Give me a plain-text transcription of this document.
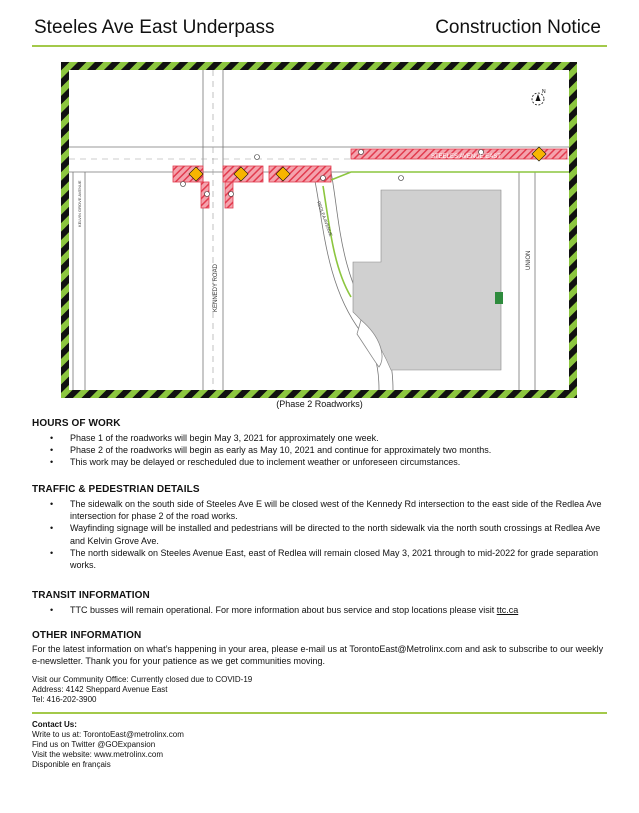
Steeles Ave East Underpass	Construction Notice
N
STEELES AVENUE EAST
KENNEDY ROAD
REDLEA AVENUE
UNION
KELVIN GROVE AVENUE
(Phase 2 Roadworks)
HOURS OF WORK
• Phase 1 of the roadworks will begin May 3, 2021 for approximately one week.
• Phase 2 of the roadworks will begin as early as May 10, 2021 and continue for approximately two months.
• This work may be delayed or rescheduled due to inclement weather or unforeseen circumstances.
TRAFFIC & PEDESTRIAN DETAILS
• The sidewalk on the south side of Steeles Ave E will be closed west of the Kennedy Rd intersection to the east side of the Redlea Ave intersection for phase 2 of the road works.
• Wayfinding signage will be installed and pedestrians will be directed to the north sidewalk via the north south crossings at Redlea Ave and Kelvin Grove Ave.
• The north sidewalk on Steeles Avenue East, east of Redlea will remain closed May 3, 2021 through to mid-2022 for grade separation works.
TRANSIT INFORMATION
• TTC busses will remain operational. For more information about bus service and stop locations please visit ttc.ca
OTHER INFORMATION
For the latest information on what’s happening in your area, please e-mail us at TorontoEast@Metrolinx.com and ask to subscribe to our weekly e-newsletter. Thank you for your patience as we get communities moving.
Visit our Community Office: Currently closed due to COVID-19
Address: 4142 Sheppard Avenue East
Tel: 416-202-3900
Contact Us:
Write to us at: TorontoEast@metrolinx.com
Find us on Twitter @GOExpansion
Visit the website: www.metrolinx.com
Disponible en français
